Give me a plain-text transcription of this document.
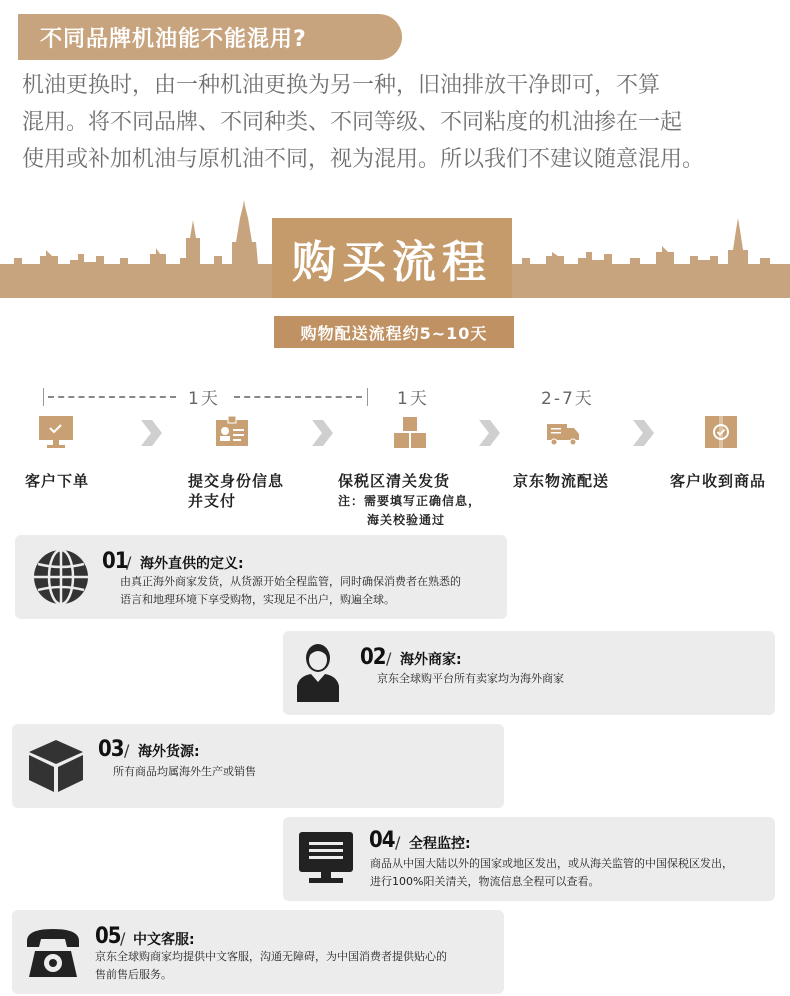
不同品牌机油能不能混用?

机油更换时，由一种机油更换为另一种，旧油排放干净即可，不算

混用。将不同品牌、不同种类、不同等级、不同粘度的机油掺在一起

使用或补加机油与原机油不同，视为混用。所以我们不建议随意混用。

购买流程
购物配送流程约5~10天
1天	1天	2-7天
客户下单	提交身份信息
并支付
保税区清关发货
注：需要填写正确信息，
海关校验通过
京东物流配送	客户收到商品
01
/ 海外直供的定义:
由真正海外商家发货，从货源开始全程监管，同时确保消费者在熟悉的
语言和地理环境下享受购物，实现足不出户，购遍全球。
02 / 海外商家:
京东全球购平台所有卖家均为海外商家
03 / 海外货源:
所有商品均属海外生产或销售
04 / 全程监控:
商品从中国大陆以外的国家或地区发出，或从海关监管的中国保税区发出，
进行100%阳关清关，物流信息全程可以查看。
05 / 中文客服:
京东全球购商家均提供中文客服，沟通无障碍，为中国消费者提供贴心的
售前售后服务。
